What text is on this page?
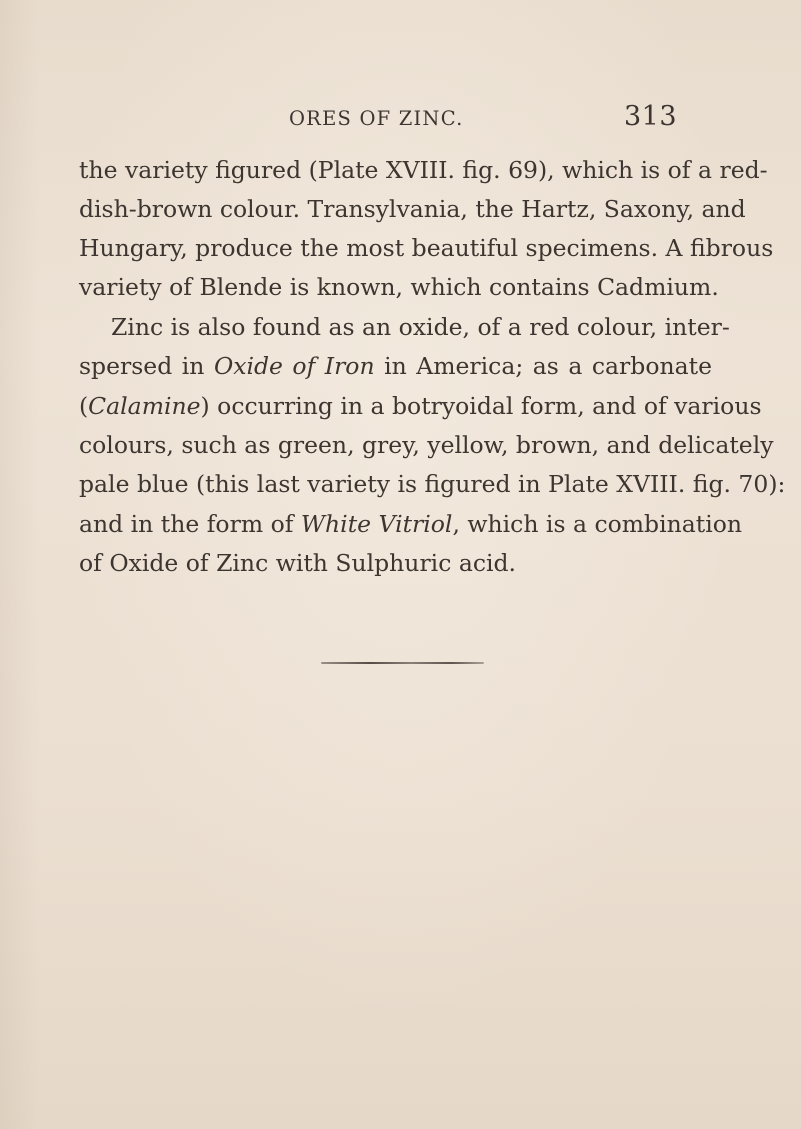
ORES OF ZINC.	313
the variety figured (Plate XVIII. fig. 69), which is of a red-
dish-brown colour. Transylvania, the Hartz, Saxony, and
Hungary, produce the most beautiful specimens. A fibrous
variety of Blende is known, which contains Cadmium.
Zinc is also found as an oxide, of a red colour, inter-
spersed in Oxide of Iron in America; as a carbonate
(Calamine) occurring in a botryoidal form, and of various
colours, such as green, grey, yellow, brown, and delicately
pale blue (this last variety is figured in Plate XVIII. fig. 70):
and in the form of White Vitriol, which is a combination
of Oxide of Zinc with Sulphuric acid.
